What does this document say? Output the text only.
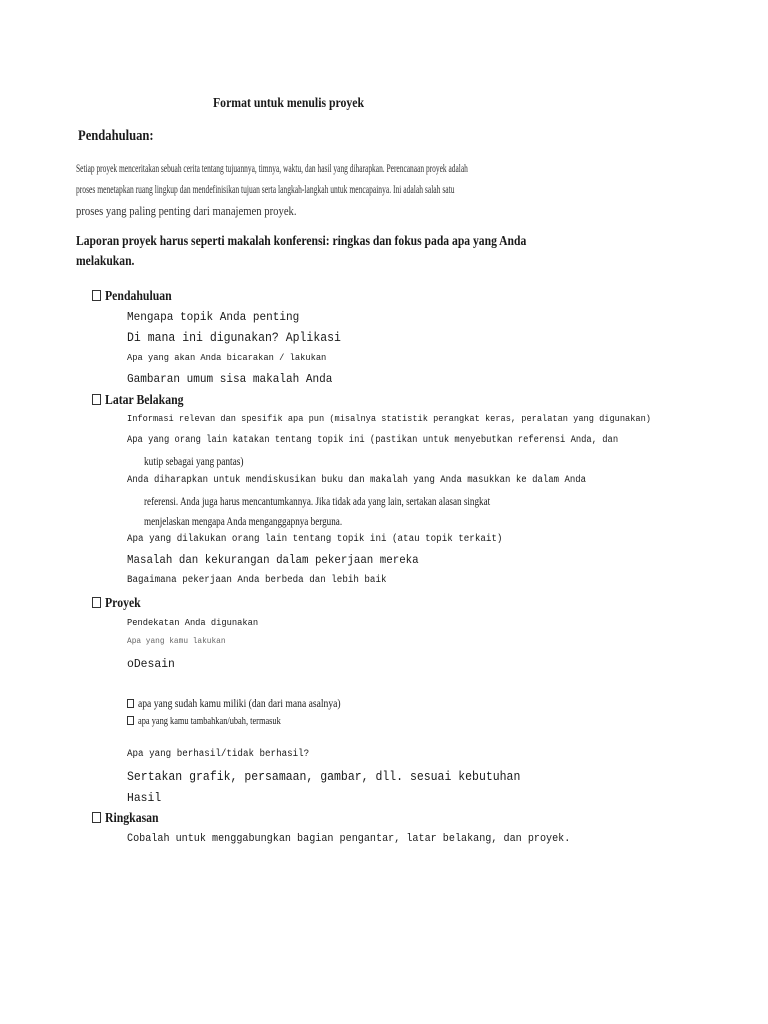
Format untuk menulis proyek
Pendahuluan:
Setiap proyek menceritakan sebuah cerita tentang tujuannya, timnya, waktu, dan hasil yang diharapkan. Perencanaan proyek adalah
proses menetapkan ruang lingkup dan mendefinisikan tujuan serta langkah-langkah untuk mencapainya. Ini adalah salah satu
proses yang paling penting dari manajemen proyek.
Laporan proyek harus seperti makalah konferensi: ringkas dan fokus pada apa yang Anda
melakukan.
Pendahuluan
Mengapa topik Anda penting
Di mana ini digunakan? Aplikasi
Apa yang akan Anda bicarakan / lakukan
Gambaran umum sisa makalah Anda
Latar Belakang
Informasi relevan dan spesifik apa pun (misalnya statistik perangkat keras, peralatan yang digunakan)
Apa yang orang lain katakan tentang topik ini (pastikan untuk menyebutkan referensi Anda, dan
kutip sebagai yang pantas)
Anda diharapkan untuk mendiskusikan buku dan makalah yang Anda masukkan ke dalam Anda
referensi. Anda juga harus mencantumkannya. Jika tidak ada yang lain, sertakan alasan singkat
menjelaskan mengapa Anda menganggapnya berguna.
Apa yang dilakukan orang lain tentang topik ini (atau topik terkait)
Masalah dan kekurangan dalam pekerjaan mereka
Bagaimana pekerjaan Anda berbeda dan lebih baik
Proyek
Pendekatan Anda digunakan
Apa yang kamu lakukan
oDesain
apa yang sudah kamu miliki (dan dari mana asalnya)
apa yang kamu tambahkan/ubah, termasuk
Apa yang berhasil/tidak berhasil?
Sertakan grafik, persamaan, gambar, dll. sesuai kebutuhan
Hasil
Ringkasan
Cobalah untuk menggabungkan bagian pengantar, latar belakang, dan proyek.
